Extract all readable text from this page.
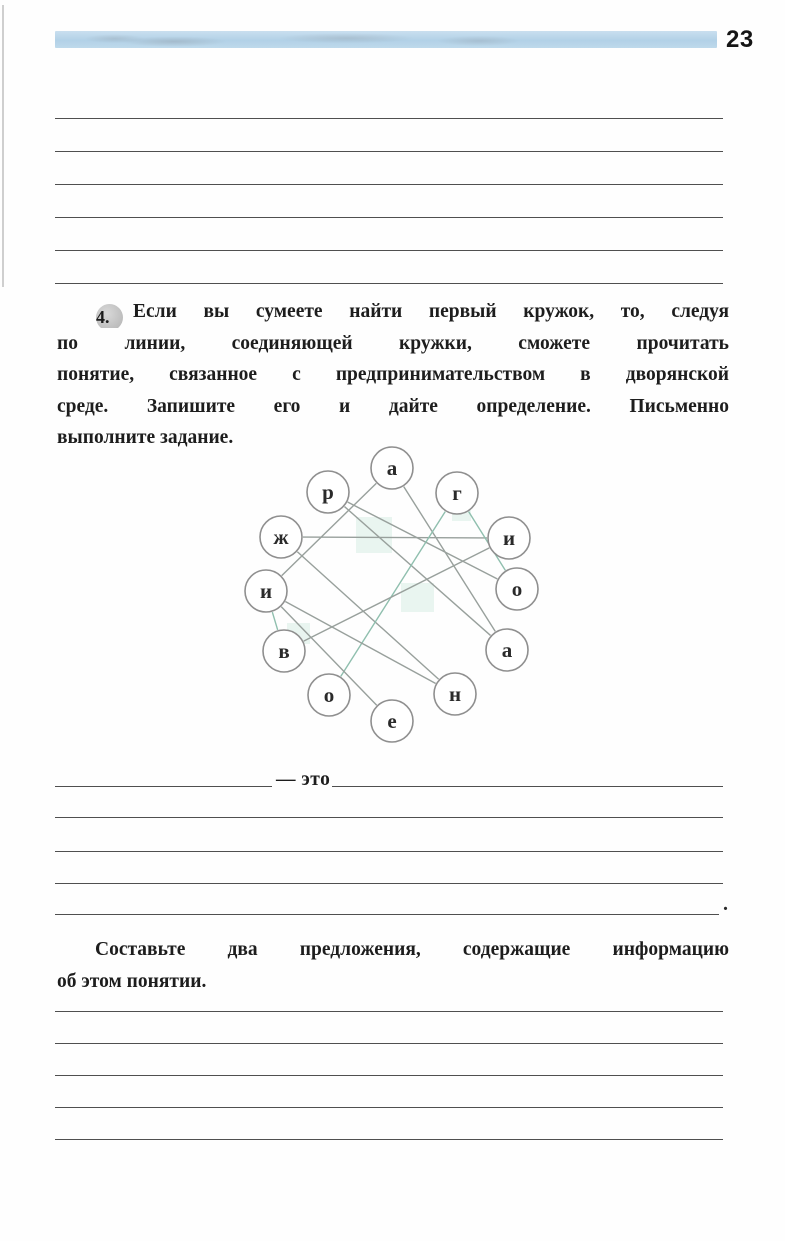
23
4. Если вы сумеете найти первый кружок, то, следуя
по линии, соединяющей кружки, сможете прочитать
понятие, связанное с предпринимательством в дворянской
среде. Запишите его и дайте определение. Письменно
выполните задание.
а
р	г
ж	и
и	о
в	а
о	н
е
— это
.
Составьте два предложения, содержащие информацию
об этом понятии.
